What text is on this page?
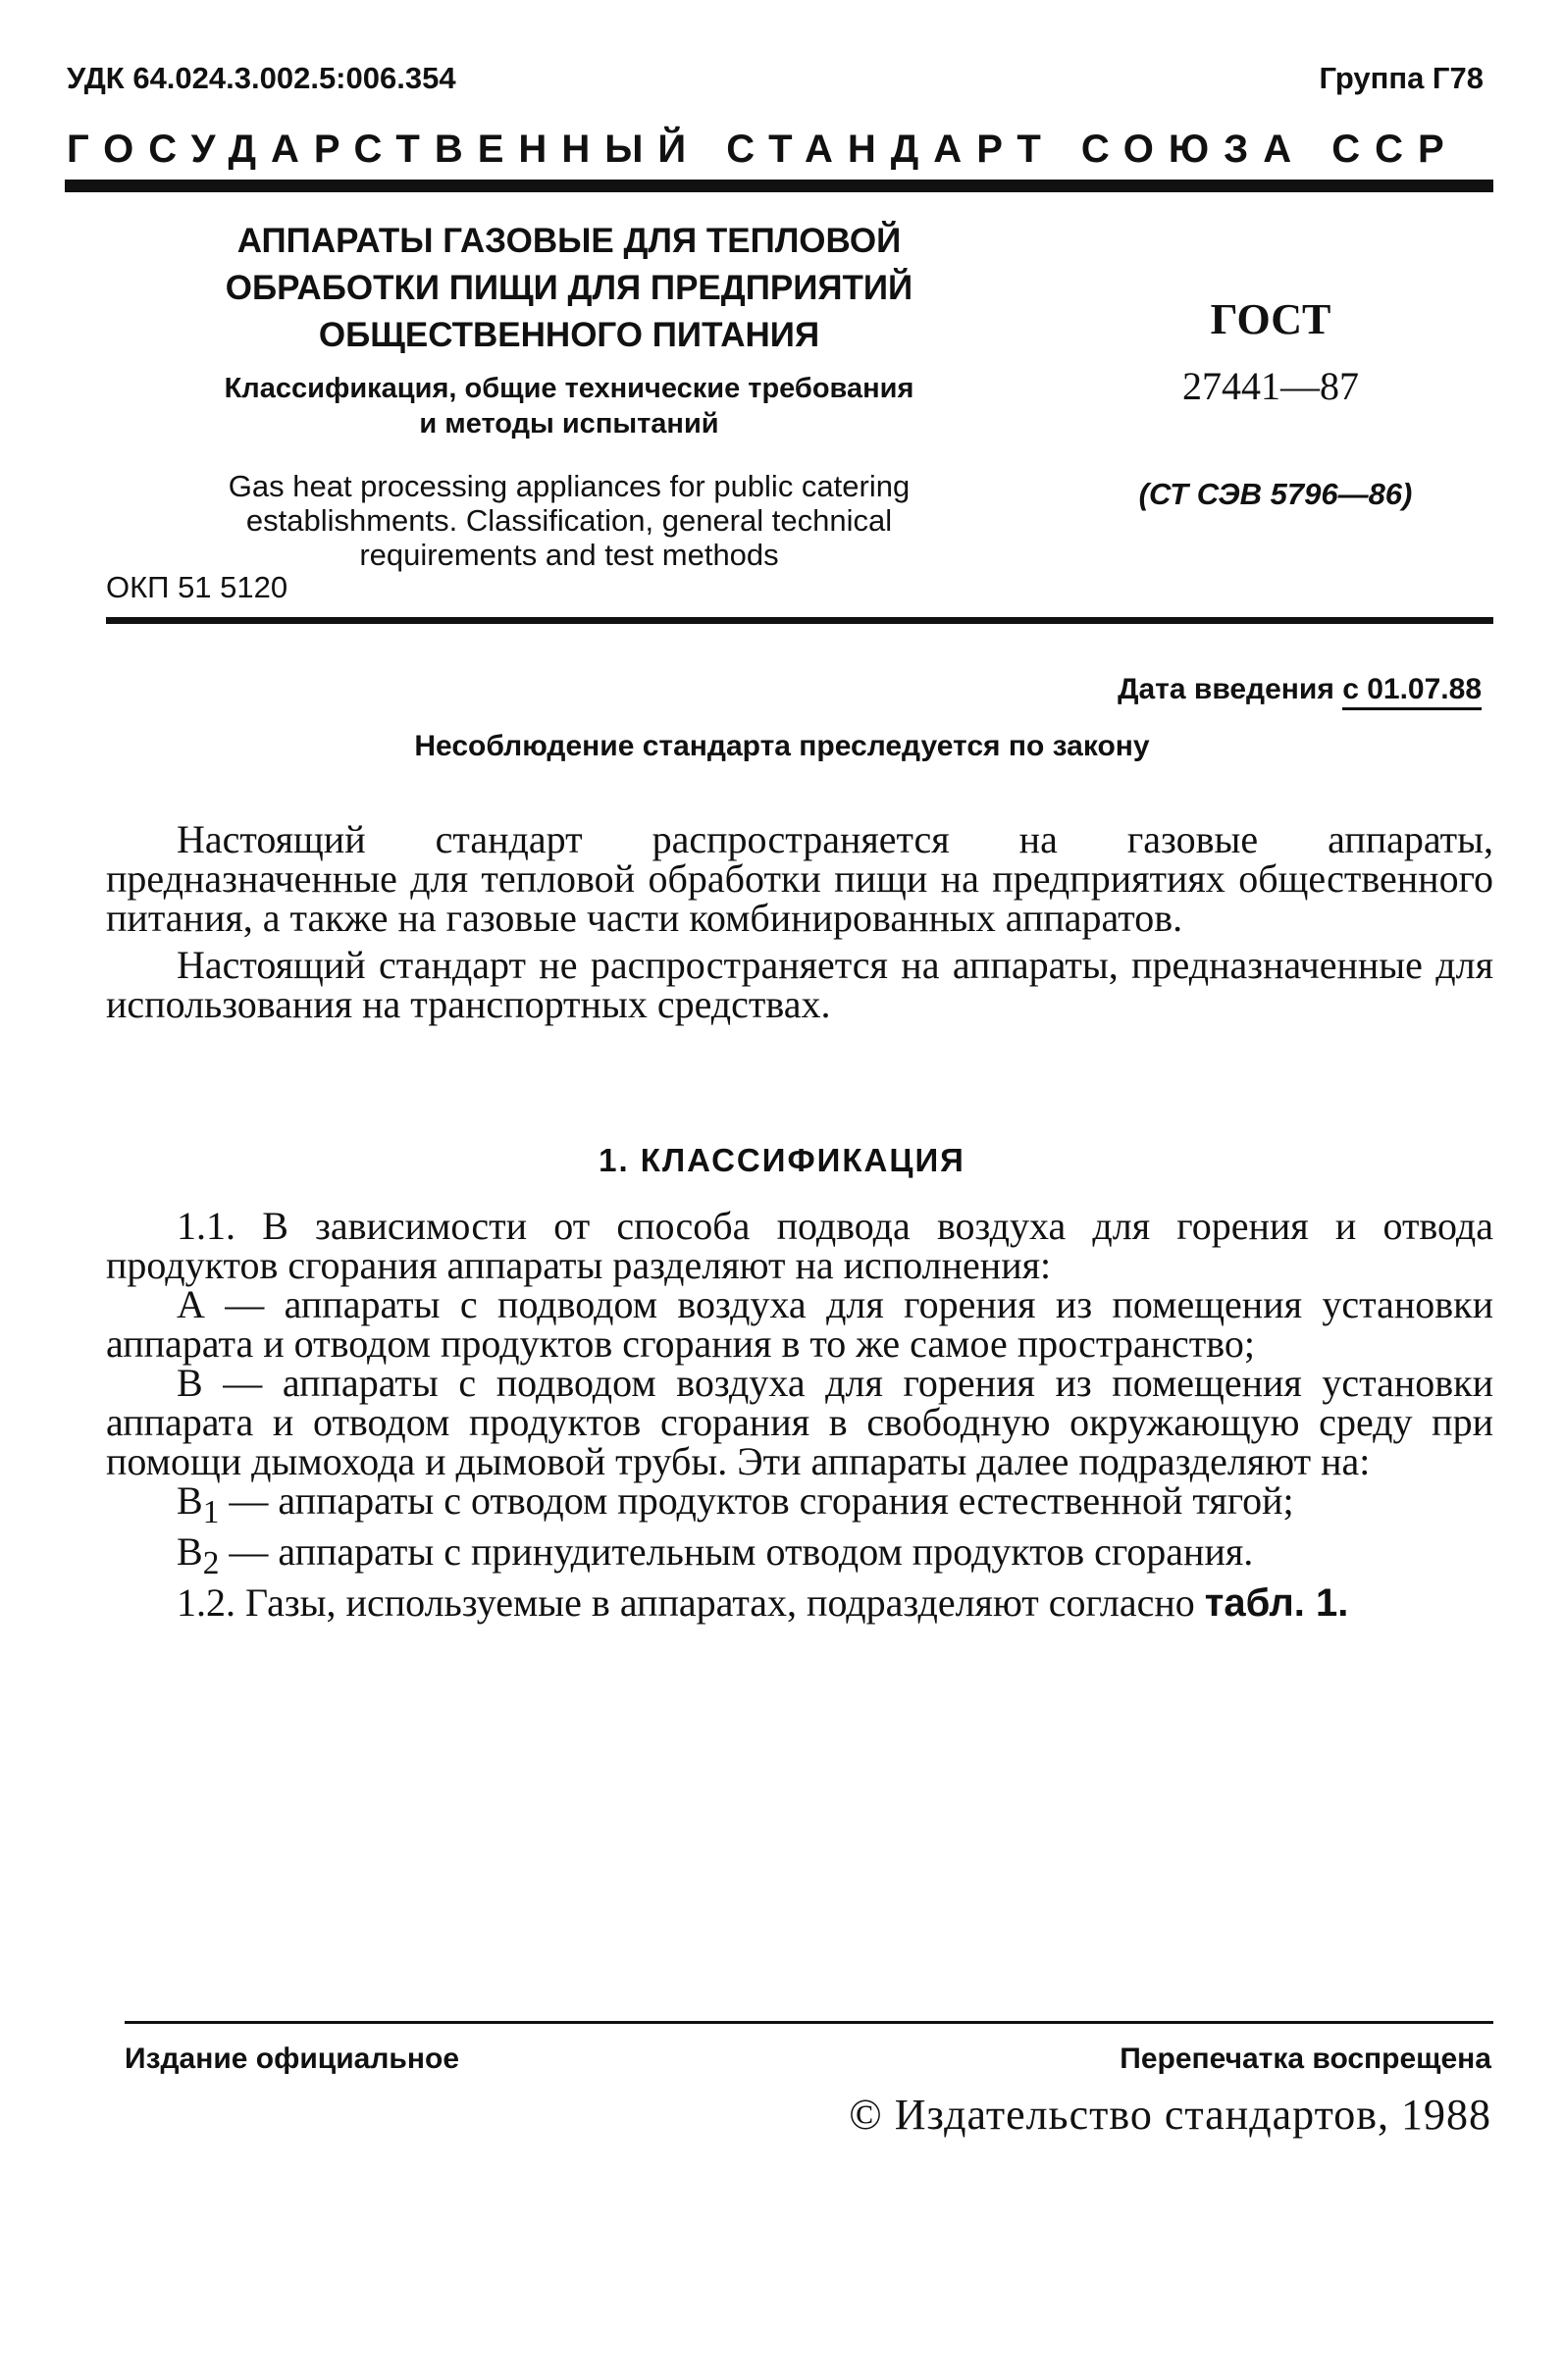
УДК 64.024.3.002.5:006.354	Группа Г78
ГОСУДАРСТВЕННЫЙ СТАНДАРТ СОЮЗА ССР
АППАРАТЫ ГАЗОВЫЕ ДЛЯ ТЕПЛОВОЙ
ОБРАБОТКИ ПИЩИ ДЛЯ ПРЕДПРИЯТИЙ
ОБЩЕСТВЕННОГО ПИТАНИЯ
Классификация, общие технические требования
и методы испытаний
Gas heat processing appliances for public catering
establishments. Classification, general technical
requirements and test methods
ОКП 51 5120
ГОСТ
27441—87
(СТ СЭВ 5796—86)
Дата введения с 01.07.88
Несоблюдение стандарта преследуется по закону

Настоящий стандарт распространяется на газовые аппараты, предназначенные для тепловой обработки пищи на предприятиях общественного питания, а также на газовые части комбинированных аппаратов.

Настоящий стандарт не распространяется на аппараты, предназначенные для использования на транспортных средствах.

1. КЛАССИФИКАЦИЯ

1.1. В зависимости от способа подвода воздуха для горения и отвода продуктов сгорания аппараты разделяют на исполнения:

А — аппараты с подводом воздуха для горения из помещения установки аппарата и отводом продуктов сгорания в то же самое пространство;

В — аппараты с подводом воздуха для горения из помещения установки аппарата и отводом продуктов сгорания в свободную окружающую среду при помощи дымохода и дымовой трубы. Эти аппараты далее подразделяют на:

$B_1$ — аппараты с отводом продуктов сгорания естественной тягой;

$B_2$ — аппараты с принудительным отводом продуктов сгорания.

1.2. Газы, используемые в аппаратах, подразделяют согласно табл. 1.

Издание официальное	Перепечатка воспрещена
© Издательство стандартов, 1988
